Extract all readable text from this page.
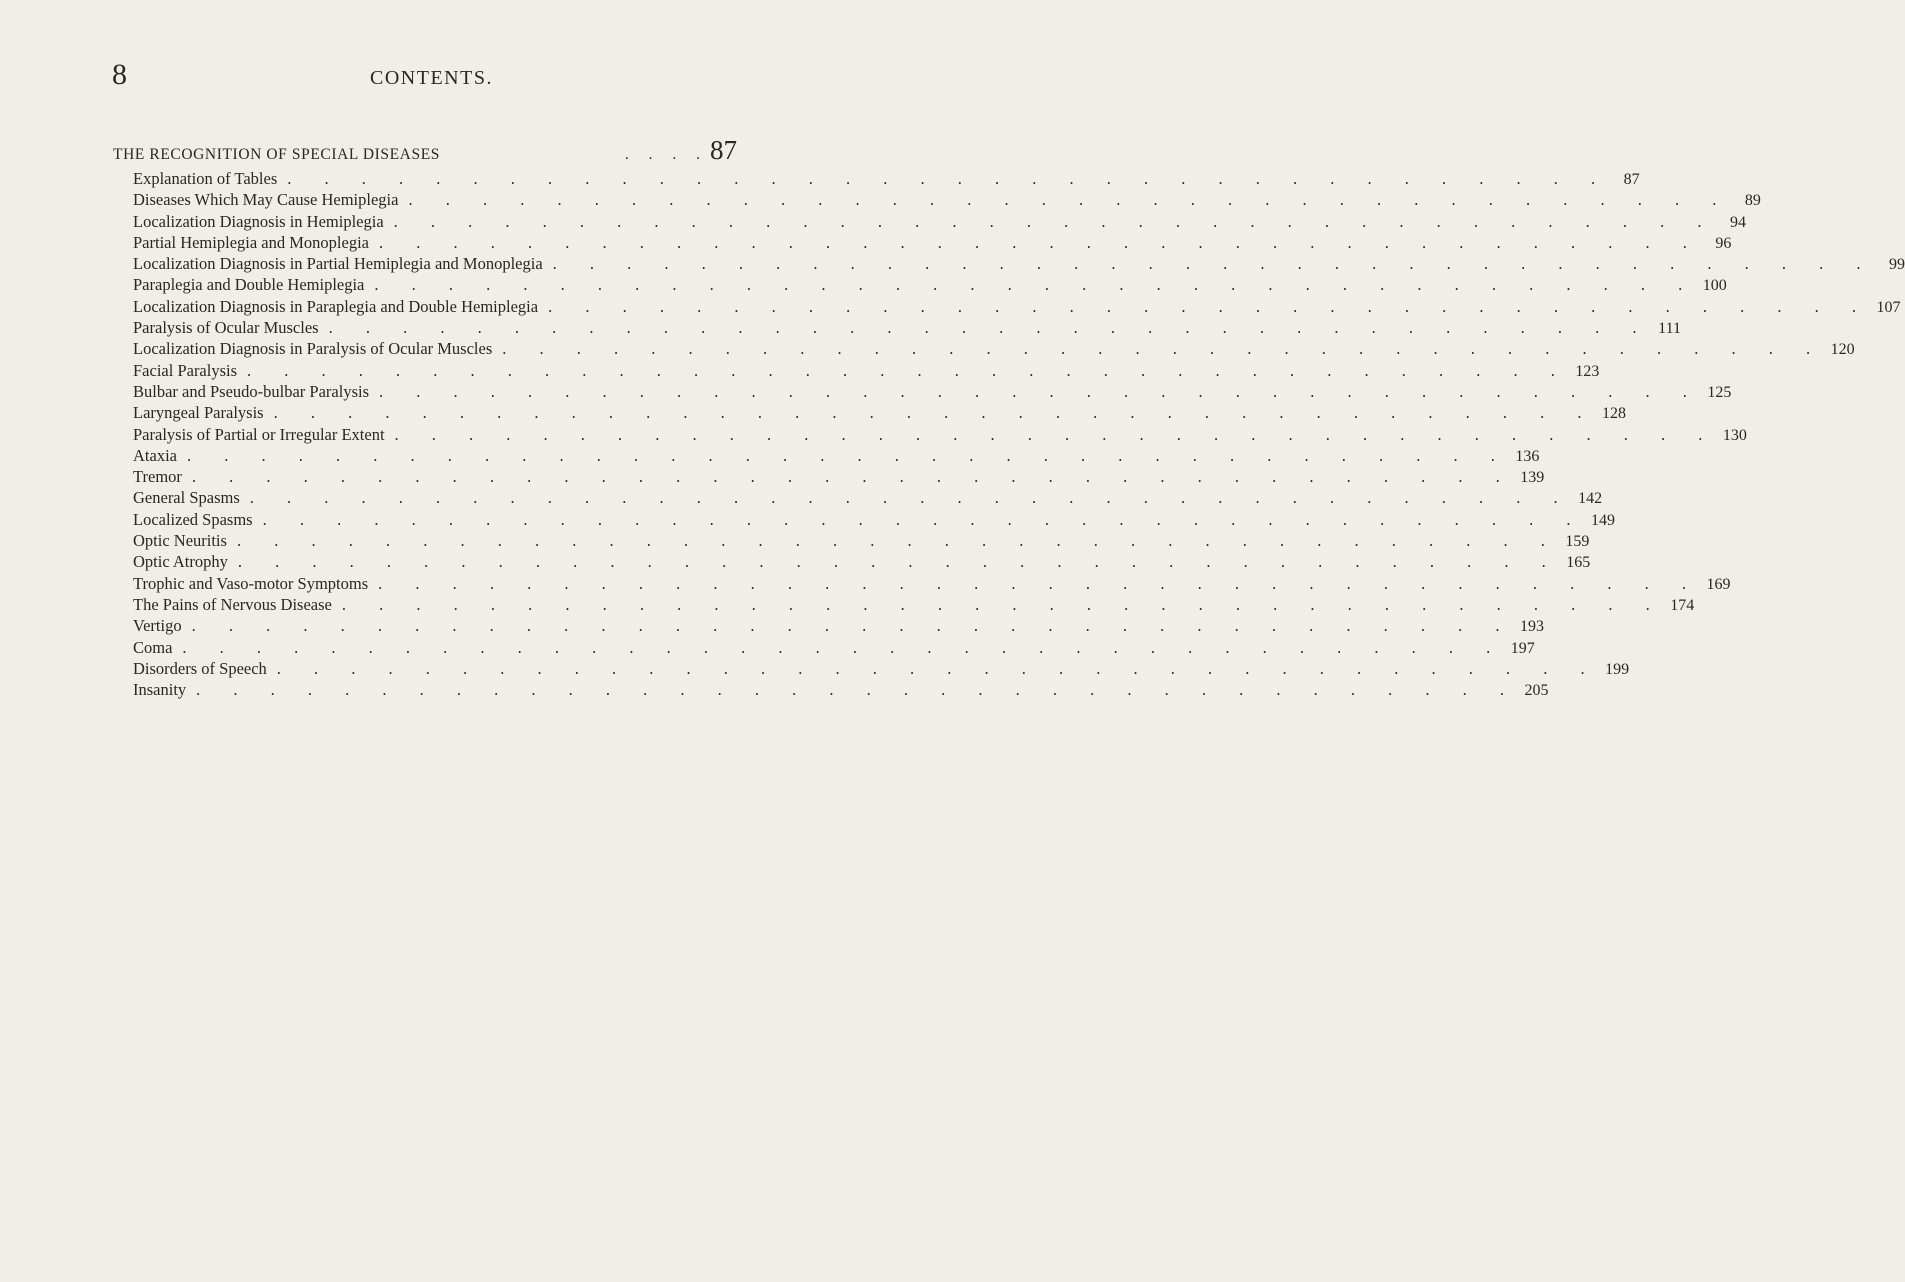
8	CONTENTS.
THE RECOGNITION OF SPECIAL DISEASES	. . . . 87
Explanation of Tables . . . . . . . . . . . . . . . . . . . . . . . . . . . . . . . . . . . . 87
Diseases Which May Cause Hemiplegia . . . . . . . . . . . . . . . . . . . . . . . . . . . . . . . . . . . . 89
Localization Diagnosis in Hemiplegia . . . . . . . . . . . . . . . . . . . . . . . . . . . . . . . . . . . . 94
Partial Hemiplegia and Monoplegia . . . . . . . . . . . . . . . . . . . . . . . . . . . . . . . . . . . . 96
Localization Diagnosis in Partial Hemiplegia and Monoplegia . . . . . . . . . . . . . . . . . . . . . . . . . . . . . . . . . . . . 99
Paraplegia and Double Hemiplegia . . . . . . . . . . . . . . . . . . . . . . . . . . . . . . . . . . . . 100
Localization Diagnosis in Paraplegia and Double Hemiplegia . . . . . . . . . . . . . . . . . . . . . . . . . . . . . . . . . . . . 107
Paralysis of Ocular Muscles . . . . . . . . . . . . . . . . . . . . . . . . . . . . . . . . . . . . 111
Localization Diagnosis in Paralysis of Ocular Muscles . . . . . . . . . . . . . . . . . . . . . . . . . . . . . . . . . . . . 120
Facial Paralysis . . . . . . . . . . . . . . . . . . . . . . . . . . . . . . . . . . . . 123
Bulbar and Pseudo-bulbar Paralysis . . . . . . . . . . . . . . . . . . . . . . . . . . . . . . . . . . . . 125
Laryngeal Paralysis . . . . . . . . . . . . . . . . . . . . . . . . . . . . . . . . . . . . 128
Paralysis of Partial or Irregular Extent . . . . . . . . . . . . . . . . . . . . . . . . . . . . . . . . . . . . 130
Ataxia . . . . . . . . . . . . . . . . . . . . . . . . . . . . . . . . . . . . 136
Tremor . . . . . . . . . . . . . . . . . . . . . . . . . . . . . . . . . . . . 139
General Spasms . . . . . . . . . . . . . . . . . . . . . . . . . . . . . . . . . . . . 142
Localized Spasms . . . . . . . . . . . . . . . . . . . . . . . . . . . . . . . . . . . . 149
Optic Neuritis . . . . . . . . . . . . . . . . . . . . . . . . . . . . . . . . . . . . 159
Optic Atrophy . . . . . . . . . . . . . . . . . . . . . . . . . . . . . . . . . . . . 165
Trophic and Vaso-motor Symptoms . . . . . . . . . . . . . . . . . . . . . . . . . . . . . . . . . . . . 169
The Pains of Nervous Disease . . . . . . . . . . . . . . . . . . . . . . . . . . . . . . . . . . . . 174
Vertigo . . . . . . . . . . . . . . . . . . . . . . . . . . . . . . . . . . . . 193
Coma . . . . . . . . . . . . . . . . . . . . . . . . . . . . . . . . . . . . 197
Disorders of Speech . . . . . . . . . . . . . . . . . . . . . . . . . . . . . . . . . . . . 199
Insanity . . . . . . . . . . . . . . . . . . . . . . . . . . . . . . . . . . . . 205
